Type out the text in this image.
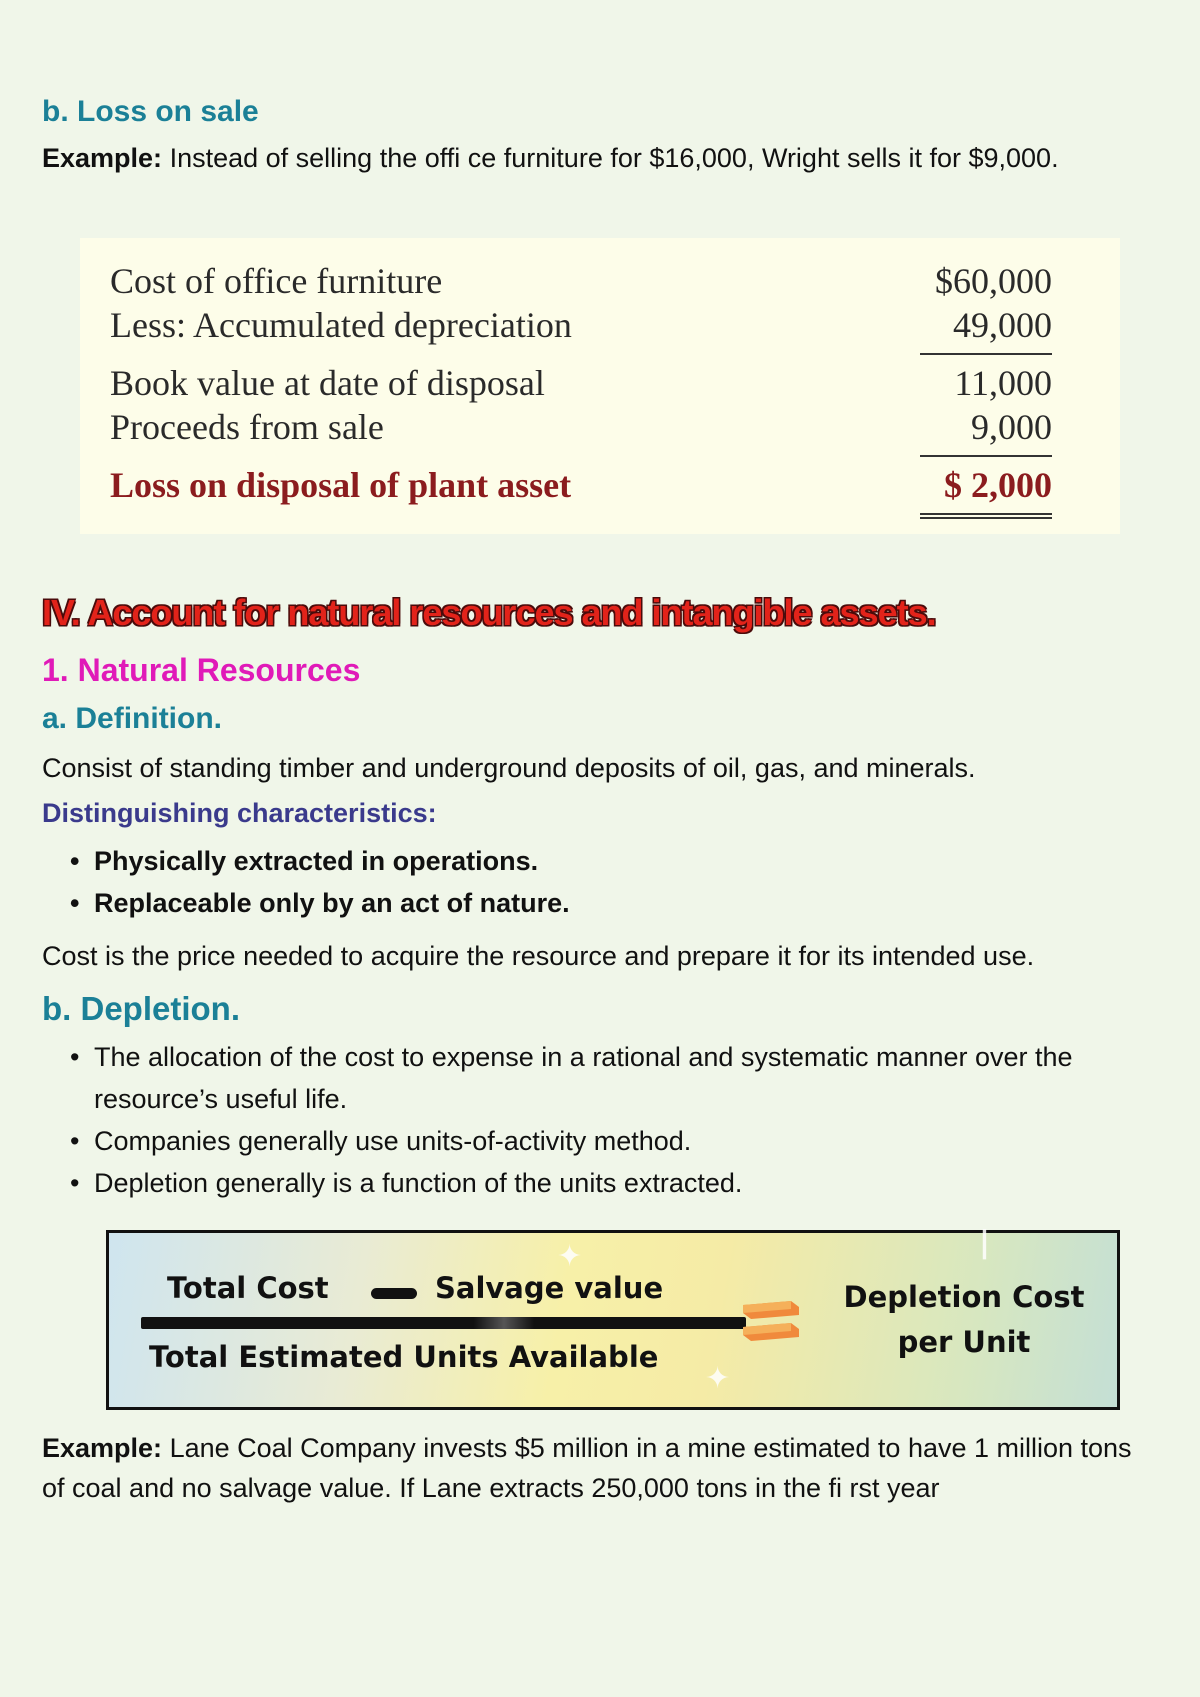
b. Loss on sale

Example: Instead of selling the offi ce furniture for $16,000, Wright sells it for $9,000.

Cost of office furniture	$60,000
Less: Accumulated depreciation	49,000
Book value at date of disposal	11,000
Proceeds from sale	9,000
Loss on disposal of plant asset	$ 2,000
IV. Account for natural resources and intangible assets.
1. Natural Resources
a. Definition.

Consist of standing timber and underground deposits of oil, gas, and minerals.

Distinguishing characteristics:
• Physically extracted in operations.
• Replaceable only by an act of nature.

Cost is the price needed to acquire the resource and prepare it for its intended use.

b. Depletion.
• The allocation of the cost to expense in a rational and systematic manner over the resource’s useful life.
• Companies generally use units-of-activity method.
• Depletion generally is a function of the units extracted.
✦
✦
|
Total Cost	Salvage value
Total Estimated Units Available
Depletion Cost
per Unit

Example: Lane Coal Company invests $5 million in a mine estimated to have 1 million tons of coal and no salvage value. If Lane extracts 250,000 tons in the fi rst year
